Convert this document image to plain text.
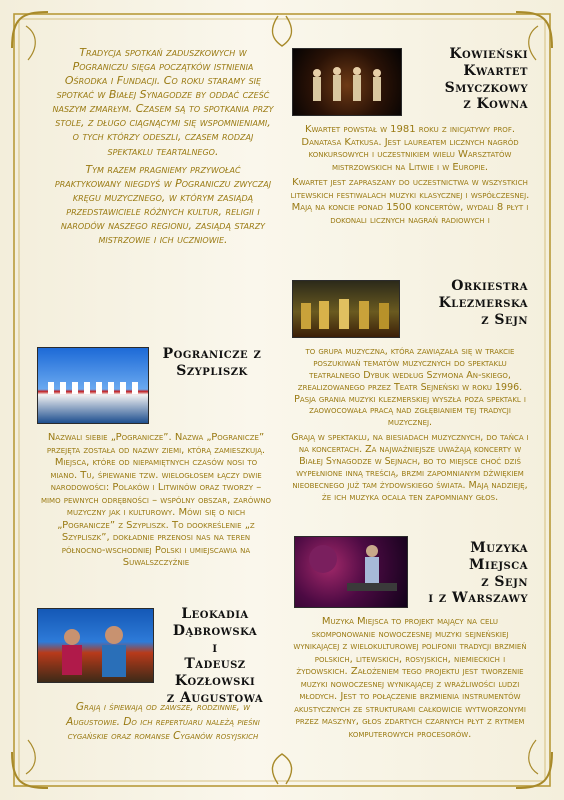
Tradycja spotkań zaduszkowych w Pograniczu sięga początków istnienia Ośrodka i Fundacji. Co roku staramy się spotkać w Białej Synagodze by oddać cześć naszym zmarłym. Czasem są to spotkania przy stole, z długo ciągnącymi się wspomnieniami, o tych którzy odeszli, czasem rodzaj spektaklu teartalnego.

Tym razem pragniemy przywołać praktykowany niegdyś w Pograniczu zwyczaj kręgu muzycznego, w którym zasiądą przedstawiciele różnych kultur, religii i narodów naszego regionu, zasiądą starzy mistrzowie i ich uczniowie.

Kowieński
Kwartet
Smyczkowy
z Kowna
Kwartet powstał w 1981 roku z inicjatywy prof. Danatasa Katkusa. Jest laureatem licznych nagród konkursowych i uczestnikiem wielu Warsztatów mistrzowskich na Litwie i w Europie.
Kwartet jest zapraszany do uczestnictwa w wszystkich litewskich festiwalach muzyki klasycznej i współczesnej. Mają na koncie ponad 1500 koncertów, wydali 8 płyt i dokonali licznych nagrań radiowych i
Orkiestra
Klezmerska
z Sejn
to grupa muzyczna, która zawiązała się w trakcie poszukiwań tematów muzycznych do spektaklu teatralnego Dybuk według Szymona An-skiego, zrealizowanego przez Teatr Sejneński w roku 1996. Pasja grania muzyki klezmerskiej wyszła poza spektakl i zaowocowała pracą nad zgłębianiem tej tradycji muzycznej.
Grają w spektaklu, na biesiadach muzycznych, do tańca i na koncertach. Za najważniejsze uważają koncerty w Białej Synagodze w Sejnach, bo to miejsce choć dziś wypełnione inną treścią, brzmi zapomnianym dźwiękiem nieobecnego już tam żydowskiego świata. Mają nadzieję, że ich muzyka ocala ten zapomniany głos.
Pogranicze z
Szypliszk
Nazwali siebie „Pogranicze”. Nazwa „Pogranicze” przejęta została od nazwy ziemi, którą zamieszkują. Miejsca, które od niepamiętnych czasów nosi to miano. Tu, śpiewanie tzw. wielogłosem łączy dwie narodowości: Polaków i Litwinów oraz tworzy – mimo pewnych odrębności – wspólny obszar, zarówno muzyczny jak i kulturowy. Mówi się o nich „Pogranicze” z Szypliszk. To dookreślenie „z Szypliszk”, dokładnie przenosi nas na teren północno-wschodniej Polski i umiejscawia na Suwalszczyźnie
Muzyka Miejsca
z Sejn
i z Warszawy
Muzyka Miejsca to projekt mający na celu skomponowanie nowoczesnej muzyki sejneńskiej wynikającej z wielokulturowej polifonii tradycji brzmień polskich, litewskich, rosyjskich, niemieckich i żydowskich. Założeniem tego projektu jest tworzenie muzyki nowoczesnej wynikającej z wrażliwości ludzi młodych. Jest to połączenie brzmienia instrumentów akustycznych ze strukturami całkowicie wytworzonymi przez maszyny, głos zdartych czarnych płyt z rytmem komputerowych procesorów.
Leokadia
Dąbrowska
i
Tadeusz
Kozłowski
z Augustowa
Grają i śpiewają od zawsze, rodzinnie, w Augustowie. Do ich repertuaru należą pieśni cygańskie oraz romanse Cyganów rosyjskich
